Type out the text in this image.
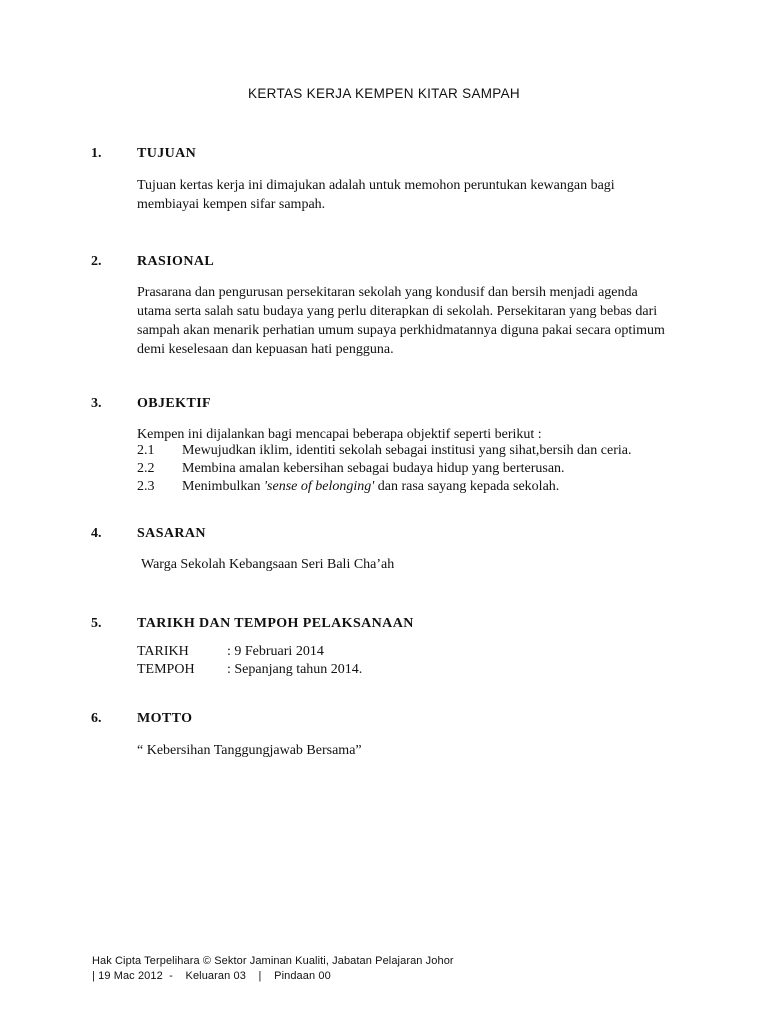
KERTAS KERJA KEMPEN KITAR SAMPAH
1.	TUJUAN
Tujuan kertas kerja ini dimajukan adalah untuk memohon peruntukan kewangan bagi
membiayai kempen sifar sampah.
2.	RASIONAL
Prasarana dan pengurusan persekitaran sekolah yang kondusif dan bersih menjadi agenda
utama serta salah satu budaya yang perlu diterapkan di sekolah. Persekitaran yang bebas dari
sampah akan menarik perhatian umum supaya perkhidmatannya diguna pakai secara optimum
demi keselesaan dan kepuasan hati pengguna.
3.	OBJEKTIF
Kempen ini dijalankan bagi mencapai beberapa objektif seperti berikut :
2.1 Mewujudkan iklim, identiti sekolah sebagai institusi yang sihat,bersih dan ceria.
2.2 Membina amalan kebersihan sebagai budaya hidup yang berterusan.
2.3 Menimbulkan 'sense of belonging' dan rasa sayang kepada sekolah.
4.	SASARAN
Warga Sekolah Kebangsaan Seri Bali Cha’ah
5.	TARIKH DAN TEMPOH PELAKSANAAN
TARIKH	: 9 Februari 2014
TEMPOH : Sepanjang tahun 2014.
6.	MOTTO
“ Kebersihan Tanggungjawab Bersama”
Hak Cipta Terpelihara © Sektor Jaminan Kualiti, Jabatan Pelajaran Johor
| 19 Mac 2012  -    Keluaran 03    |    Pindaan 00
